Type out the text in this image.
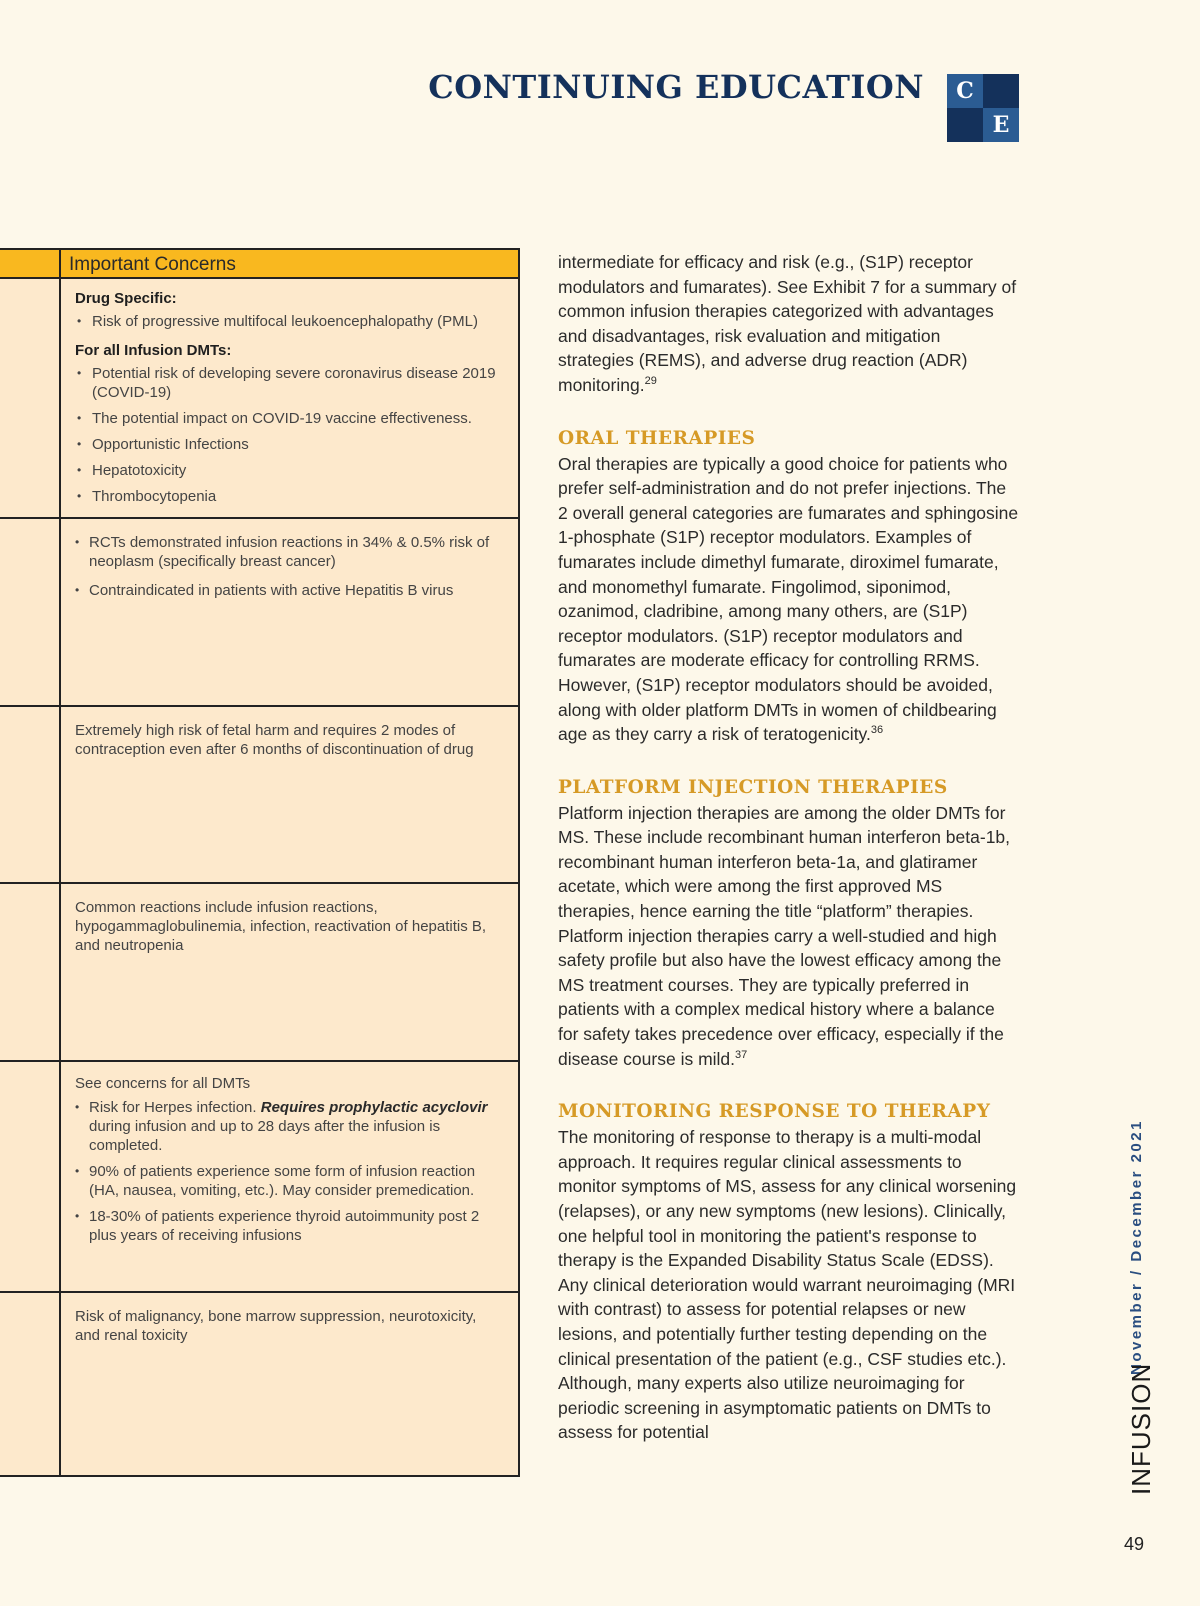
CONTINUING EDUCATION	C
E
Important Concerns
Drug Specific:
• Risk of progressive multifocal leukoencephalopathy (PML)
For all Infusion DMTs:
• Potential risk of developing severe coronavirus disease 2019 (COVID-19)
• The potential impact on COVID-19 vaccine effectiveness.
• Opportunistic Infections
• Hepatotoxicity
• Thrombocytopenia
• RCTs demonstrated infusion reactions in 34% & 0.5% risk of neoplasm (specifically breast cancer)
• Contraindicated in patients with active Hepatitis B virus
Extremely high risk of fetal harm and requires 2 modes of contraception even after 6 months of discontinuation of drug
Common reactions include infusion reactions, hypogammaglobulinemia, infection, reactivation of hepatitis B, and neutropenia
See concerns for all DMTs
• Risk for Herpes infection. Requires prophylactic acyclovir during infusion and up to 28 days after the infusion is completed.
• 90% of patients experience some form of infusion reaction (HA, nausea, vomiting, etc.). May consider premedication.
• 18-30% of patients experience thyroid autoimmunity post 2 plus years of receiving infusions
Risk of malignancy, bone marrow suppression, neurotoxicity, and renal toxicity

intermediate for efficacy and risk (e.g., (S1P) receptor modulators and fumarates). See Exhibit 7 for a summary of common infusion therapies categorized with advantages and disadvantages, risk evaluation and mitigation strategies (REMS), and adverse drug reaction (ADR) monitoring.$^{29}$

ORAL THERAPIES

Oral therapies are typically a good choice for patients who prefer self-administration and do not prefer injections. The 2 overall general categories are fumarates and sphingosine 1-phosphate (S1P) receptor modulators. Examples of fumarates include dimethyl fumarate, diroximel fumarate, and monomethyl fumarate. Fingolimod, siponimod, ozanimod, cladribine, among many others, are (S1P) receptor modulators. (S1P) receptor modulators and fumarates are moderate efficacy for controlling RRMS. However, (S1P) receptor modulators should be avoided, along with older platform DMTs in women of childbearing age as they carry a risk of teratogenicity.$^{36}$

PLATFORM INJECTION THERAPIES

Platform injection therapies are among the older DMTs for MS. These include recombinant human interferon beta-1b, recombinant human interferon beta-1a, and glatiramer acetate, which were among the first approved MS therapies, hence earning the title “platform” therapies. Platform injection therapies carry a well-studied and high safety profile but also have the lowest efficacy among the MS treatment courses. They are typically preferred in patients with a complex medical history where a balance for safety takes precedence over efficacy, especially if the disease course is mild.$^{37}$

MONITORING RESPONSE TO THERAPY

The monitoring of response to therapy is a multi-modal approach. It requires regular clinical assessments to monitor symptoms of MS, assess for any clinical worsening (relapses), or any new symptoms (new lesions). Clinically, one helpful tool in monitoring the patient's response to therapy is the Expanded Disability Status Scale (EDSS). Any clinical deterioration would warrant neuroimaging (MRI with contrast) to assess for potential relapses or new lesions, and potentially further testing depending on the clinical presentation of the patient (e.g., CSF studies etc.). Although, many experts also utilize neuroimaging for periodic screening in asymptomatic patients on DMTs to assess for potential

November / December 2021
INFUSION
49
